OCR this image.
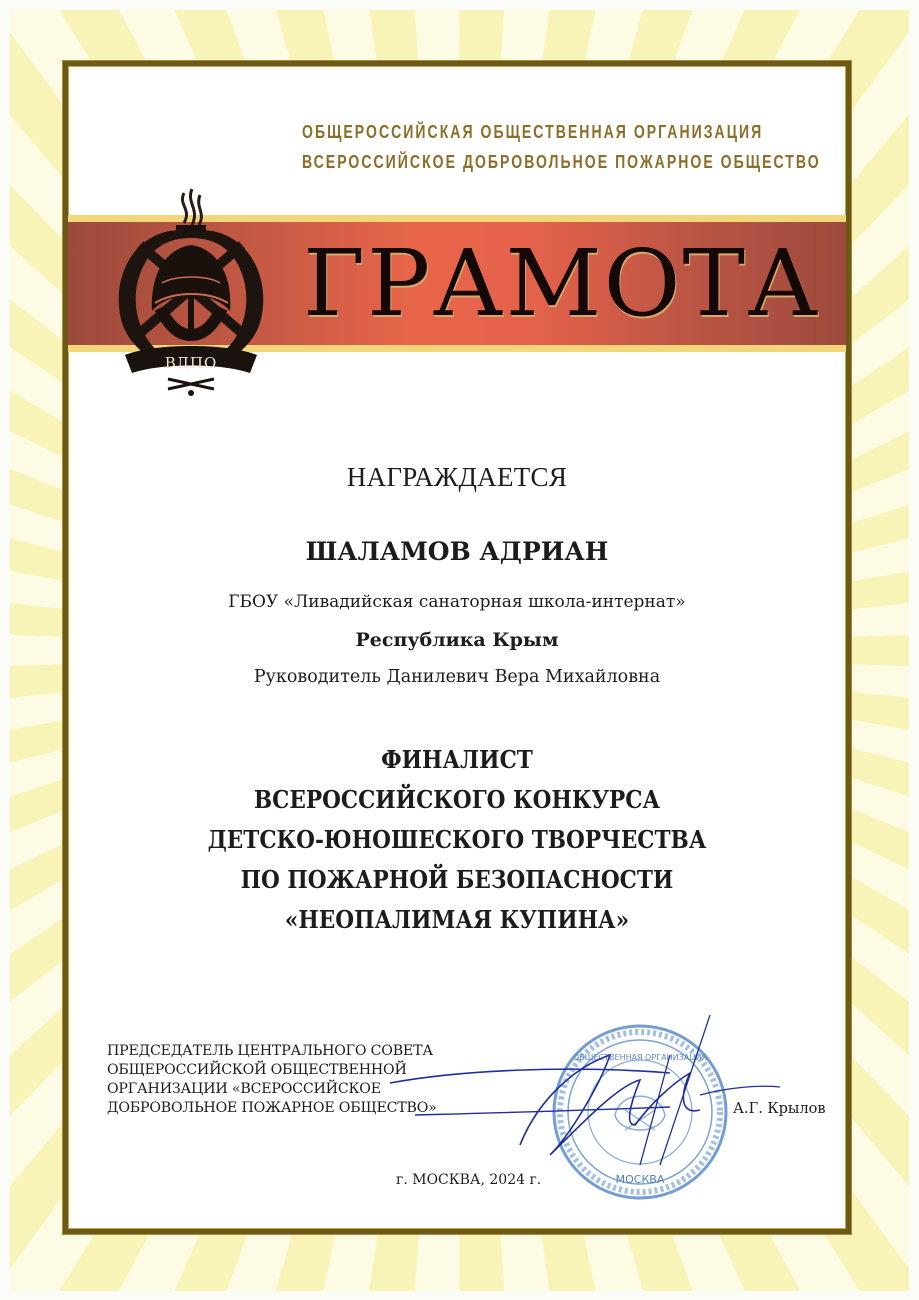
ОБЩЕРОССИЙСКАЯ ОБЩЕСТВЕННАЯ ОРГАНИЗАЦИЯ
ВСЕРОССИЙСКОЕ ДОБРОВОЛЬНОЕ ПОЖАРНОЕ ОБЩЕСТВО
ГРАМОТА
ВДПО
НАГРАЖДАЕТСЯ
ШАЛАМОВ АДРИАН
ГБОУ «Ливадийская санаторная школа-интернат»
Республика Крым
Руководитель Данилевич Вера Михайловна
ФИНАЛИСТ
ВСЕРОССИЙСКОГО КОНКУРСА
ДЕТСКО-ЮНОШЕСКОГО ТВОРЧЕСТВА
ПО ПОЖАРНОЙ БЕЗОПАСНОСТИ
«НЕОПАЛИМАЯ КУПИНА»
ПРЕДСЕДАТЕЛЬ ЦЕНТРАЛЬНОГО СОВЕТА
ОБЩЕРОССИЙСКОЙ ОБЩЕСТВЕННОЙ
ОРГАНИЗАЦИИ «ВСЕРОССИЙСКОЕ
ДОБРОВОЛЬНОЕ ПОЖАРНОЕ ОБЩЕСТВО»
МОСКВА
ОБЩЕСТВЕННАЯ ОРГАНИЗАЦИЯ
А.Г. Крылов
г. МОСКВА, 2024 г.
